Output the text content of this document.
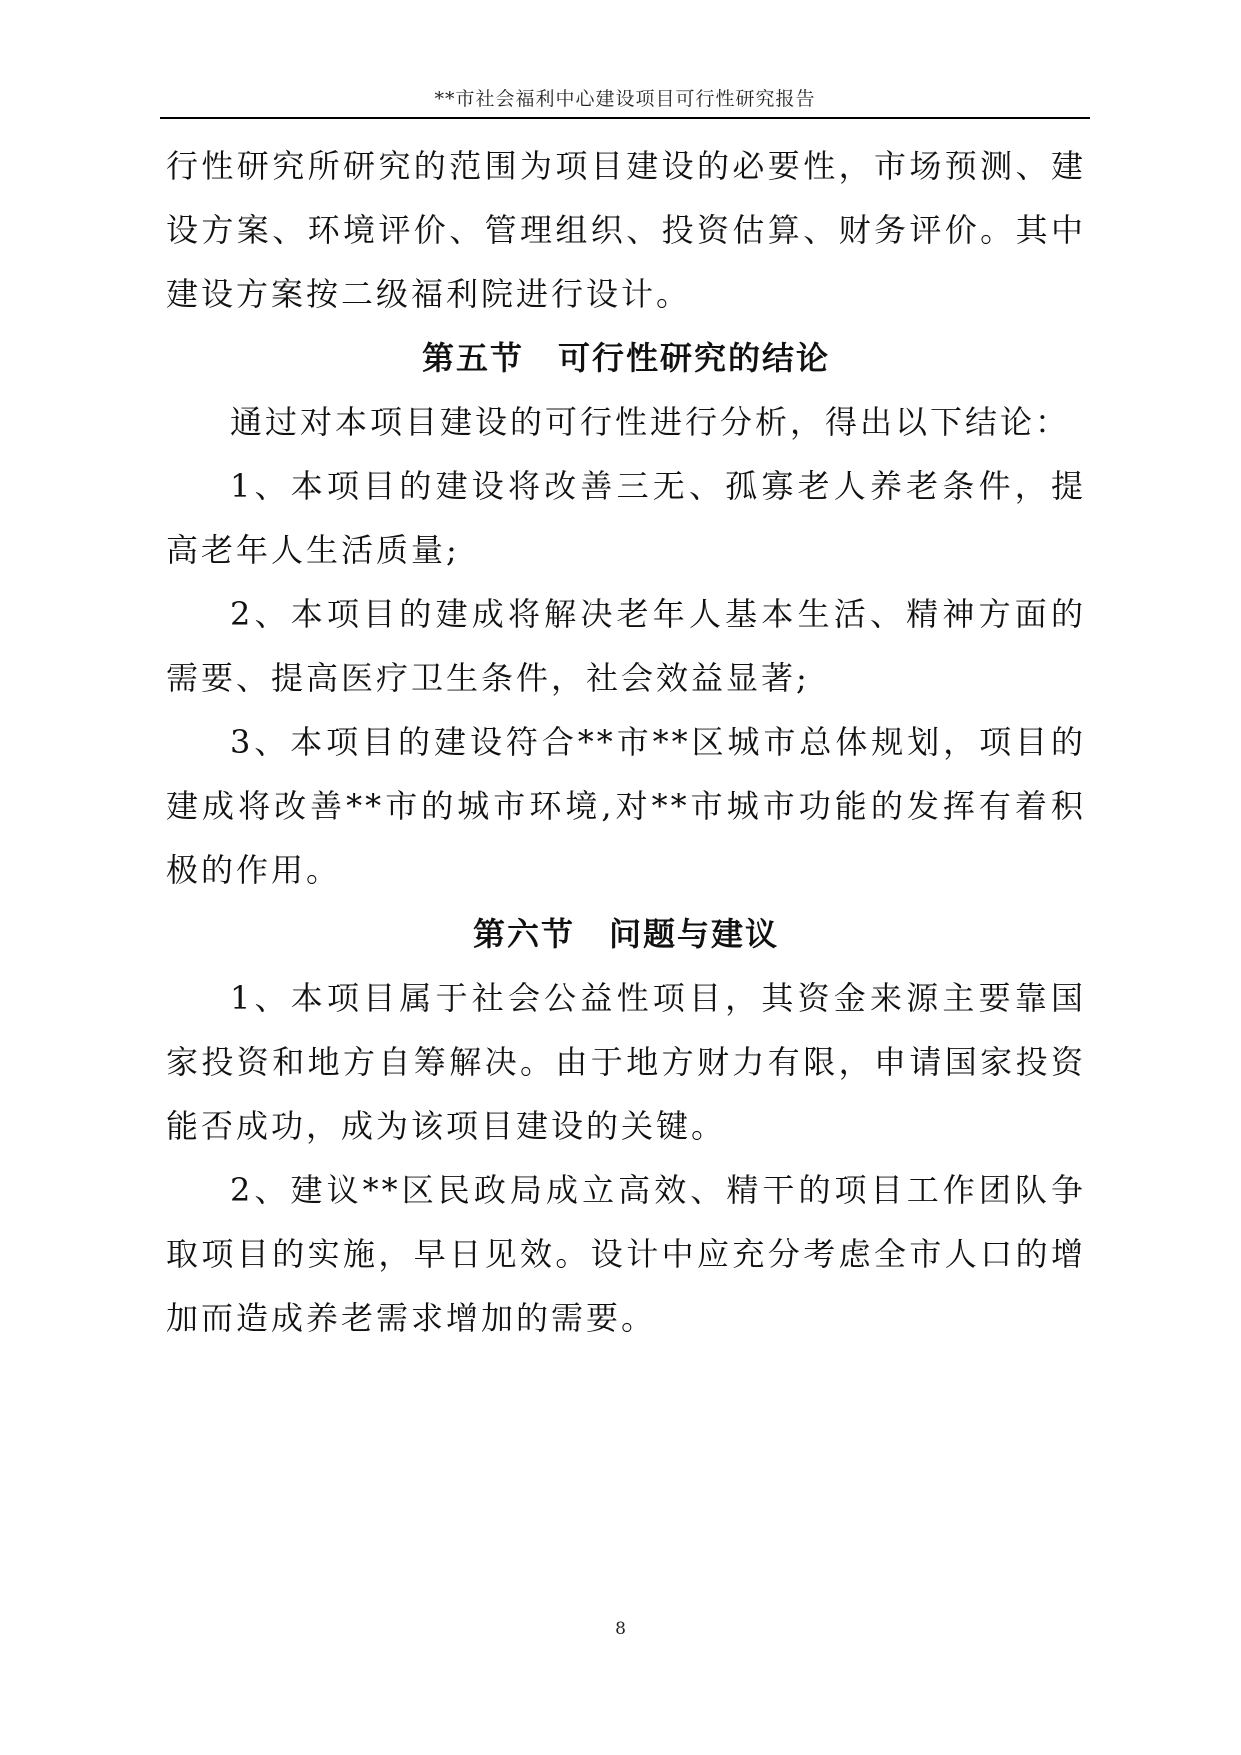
**市社会福利中心建设项目可行性研究报告

行性研究所研究的范围为项目建设的必要性，市场预测、建设方案、环境评价、管理组织、投资估算、财务评价。其中建设方案按二级福利院进行设计。

第五节 可行性研究的结论

通过对本项目建设的可行性进行分析，得出以下结论：

1、本项目的建设将改善三无、孤寡老人养老条件，提高老年人生活质量;

2、本项目的建成将解决老年人基本生活、精神方面的需要、提高医疗卫生条件，社会效益显著;

3、本项目的建设符合**市**区城市总体规划，项目的建成将改善**市的城市环境,对**市城市功能的发挥有着积极的作用。

第六节 问题与建议

1、本项目属于社会公益性项目，其资金来源主要靠国家投资和地方自筹解决。由于地方财力有限，申请国家投资能否成功，成为该项目建设的关键。

2、建议**区民政局成立高效、精干的项目工作团队争取项目的实施，早日见效。设计中应充分考虑全市人口的增加而造成养老需求增加的需要。

8
